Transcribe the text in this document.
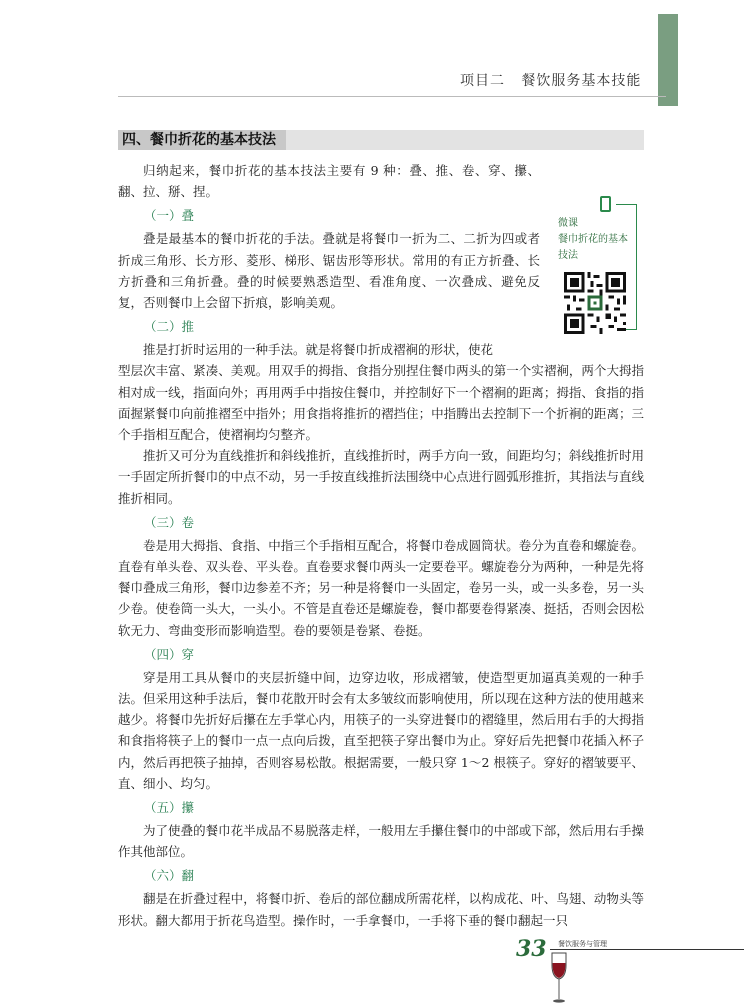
项目二   餐饮服务基本技能
四、餐巾折花的基本技法

归纳起来，餐巾折花的基本技法主要有 9 种：叠、推、卷、穿、攥、翻、拉、掰、捏。

（一）叠

叠是最基本的餐巾折花的手法。叠就是将餐巾一折为二、二折为四或者折成三角形、长方形、菱形、梯形、锯齿形等形状。常用的有正方折叠、长方折叠和三角折叠。叠的时候要熟悉造型、看准角度、一次叠成、避免反复，否则餐巾上会留下折痕，影响美观。

（二）推

推是打折时运用的一种手法。就是将餐巾折成褶裥的形状，使花

型层次丰富、紧凑、美观。用双手的拇指、食指分别捏住餐巾两头的第一个实褶裥，两个大拇指相对成一线，指面向外；再用两手中指按住餐巾，并控制好下一个褶裥的距离；拇指、食指的指面握紧餐巾向前推褶至中指外；用食指将推折的褶挡住；中指腾出去控制下一个折裥的距离；三个手指相互配合，使褶裥均匀整齐。

推折又可分为直线推折和斜线推折，直线推折时，两手方向一致，间距均匀；斜线推折时用一手固定所折餐巾的中点不动，另一手按直线推折法围绕中心点进行圆弧形推折，其指法与直线推折相同。

（三）卷

卷是用大拇指、食指、中指三个手指相互配合，将餐巾卷成圆筒状。卷分为直卷和螺旋卷。直卷有单头卷、双头卷、平头卷。直卷要求餐巾两头一定要卷平。螺旋卷分为两种，一种是先将餐巾叠成三角形，餐巾边参差不齐；另一种是将餐巾一头固定，卷另一头，或一头多卷，另一头少卷。使卷筒一头大，一头小。不管是直卷还是螺旋卷，餐巾都要卷得紧凑、挺括，否则会因松软无力、弯曲变形而影响造型。卷的要领是卷紧、卷挺。

（四）穿

穿是用工具从餐巾的夹层折缝中间，边穿边收，形成褶皱，使造型更加逼真美观的一种手法。但采用这种手法后，餐巾花散开时会有太多皱纹而影响使用，所以现在这种方法的使用越来越少。将餐巾先折好后攥在左手掌心内，用筷子的一头穿进餐巾的褶缝里，然后用右手的大拇指和食指将筷子上的餐巾一点一点向后拨，直至把筷子穿出餐巾为止。穿好后先把餐巾花插入杯子内，然后再把筷子抽掉，否则容易松散。根据需要，一般只穿 1～2 根筷子。穿好的褶皱要平、直、细小、均匀。

（五）攥

为了使叠的餐巾花半成品不易脱落走样，一般用左手攥住餐巾的中部或下部，然后用右手操作其他部位。

（六）翻

翻是在折叠过程中，将餐巾折、卷后的部位翻成所需花样，以构成花、叶、鸟翅、动物头等形状。翻大都用于折花鸟造型。操作时，一手拿餐巾，一手将下垂的餐巾翻起一只

微课
餐巾折花的基本
技法
33 餐饮服务与管理
